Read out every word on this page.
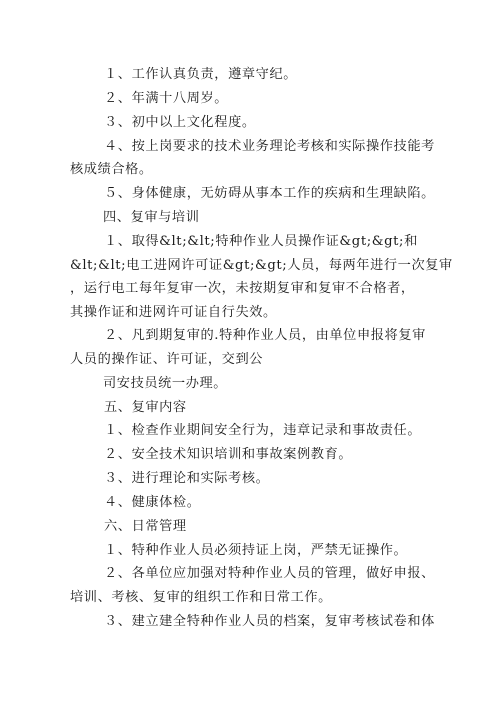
１、工作认真负责，遵章守纪。
２、年满十八周岁。
３、初中以上文化程度。
４、按上岗要求的技术业务理论考核和实际操作技能考
核成绩合格。
５、身体健康，无妨碍从事本工作的疾病和生理缺陷。
四、复审与培训
１、取得&lt;&lt;特种作业人员操作证&gt;&gt;和
&lt;&lt;电工进网许可证&gt;&gt;人员，每两年进行一次复审
，运行电工每年复审一次，未按期复审和复审不合格者，
其操作证和进网许可证自行失效。
２、凡到期复审的.特种作业人员，由单位申报将复审
人员的操作证、许可证，交到公
司安技员统一办理。
五、复审内容
１、检查作业期间安全行为，违章记录和事故责任。
２、安全技术知识培训和事故案例教育。
３、进行理论和实际考核。
４、健康体检。
六、日常管理
１、特种作业人员必须持证上岗，严禁无证操作。
２、各单位应加强对特种作业人员的管理，做好申报、
培训、考核、复审的组织工作和日常工作。
３、建立建全特种作业人员的档案，复审考核试卷和体
